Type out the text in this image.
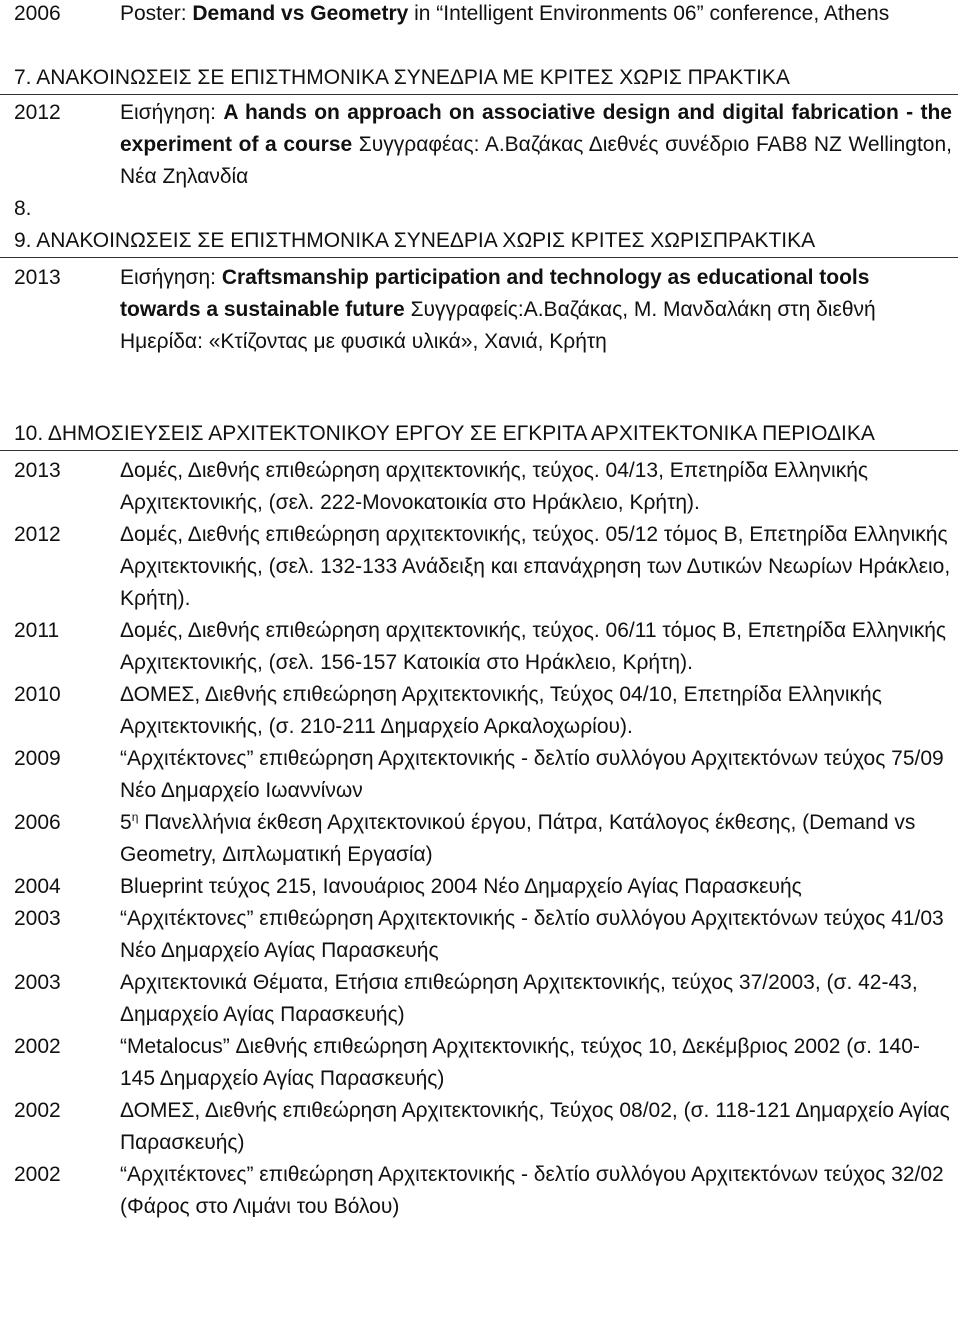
2006	Poster: Demand vs Geometry in “Intelligent Environments 06” conference, Athens
7. ΑΝΑΚΟΙΝΩΣΕΙΣ ΣΕ ΕΠΙΣΤΗΜΟΝΙΚΑ ΣΥΝΕΔΡΙΑ ΜΕ ΚΡΙΤΕΣ ΧΩΡΙΣ ΠΡΑΚΤΙΚΑ
2012	Εισήγηση: A hands on approach on associative design and digital fabrication - the experiment of a course Συγγραφέας: Α.Βαζάκας Διεθνές συνέδριο FAB8 NZ Wellington, Νέα Ζηλανδία
8.
9. ΑΝΑΚΟΙΝΩΣΕΙΣ ΣΕ ΕΠΙΣΤΗΜΟΝΙΚΑ ΣΥΝΕΔΡΙΑ ΧΩΡΙΣ ΚΡΙΤΕΣ ΧΩΡΙΣΠΡΑΚΤΙΚΑ
2013	Εισήγηση: Craftsmanship participation and technology as educational tools towards a sustainable future Συγγραφείς:Α.Βαζάκας, Μ. Μανδαλάκη στη διεθνή Ημερίδα: «Κτίζοντας με φυσικά υλικά», Χανιά, Κρήτη
10. ΔΗΜΟΣΙΕΥΣΕΙΣ ΑΡΧΙΤΕΚΤΟΝΙΚΟΥ ΕΡΓΟΥ ΣΕ ΕΓΚΡΙΤΑ ΑΡΧΙΤΕΚΤΟΝΙΚΑ ΠΕΡΙΟΔΙΚΑ
2013	Δομές, Διεθνής επιθεώρηση αρχιτεκτονικής, τεύχος. 04/13, Επετηρίδα Ελληνικής Αρχιτεκτονικής, (σελ. 222-Μονοκατοικία στο Ηράκλειο, Κρήτη).
2012	Δομές, Διεθνής επιθεώρηση αρχιτεκτονικής, τεύχος. 05/12 τόμος Β, Επετηρίδα Ελληνικής Αρχιτεκτονικής, (σελ. 132-133 Ανάδειξη και επανάχρηση των Δυτικών Νεωρίων Ηράκλειο, Κρήτη).
2011	Δομές, Διεθνής επιθεώρηση αρχιτεκτονικής, τεύχος. 06/11 τόμος Β, Επετηρίδα Ελληνικής Αρχιτεκτονικής, (σελ. 156-157 Κατοικία στο Ηράκλειο, Κρήτη).
2010	ΔΟΜΕΣ, Διεθνής επιθεώρηση Αρχιτεκτονικής, Τεύχος 04/10, Επετηρίδα Ελληνικής Αρχιτεκτονικής, (σ. 210-211 Δημαρχείο Αρκαλοχωρίου).
2009	“Αρχιτέκτονες” επιθεώρηση Αρχιτεκτονικής - δελτίο συλλόγου Αρχιτεκτόνων τεύχος 75/09 Νέο Δημαρχείο Ιωαννίνων
2006	$5^\eta$ Πανελλήνια έκθεση Αρχιτεκτονικού έργου, Πάτρα, Κατάλογος έκθεσης, (Demand vs Geometry, Διπλωματική Εργασία)
2004	Blueprint τεύχος 215, Ιανουάριος 2004 Νέο Δημαρχείο Αγίας Παρασκευής
2003	“Αρχιτέκτονες” επιθεώρηση Αρχιτεκτονικής - δελτίο συλλόγου Αρχιτεκτόνων τεύχος 41/03 Νέο Δημαρχείο Αγίας Παρασκευής
2003	Αρχιτεκτονικά Θέματα, Ετήσια επιθεώρηση Αρχιτεκτονικής, τεύχος 37/2003, (σ. 42-43, Δημαρχείο Αγίας Παρασκευής)
2002	“Metalocus” Διεθνής επιθεώρηση Αρχιτεκτονικής, τεύχος 10, Δεκέμβριος 2002 (σ. 140-145 Δημαρχείο Αγίας Παρασκευής)
2002	ΔΟΜΕΣ, Διεθνής επιθεώρηση Αρχιτεκτονικής, Τεύχος 08/02, (σ. 118-121 Δημαρχείο Αγίας Παρασκευής)
2002	“Αρχιτέκτονες” επιθεώρηση Αρχιτεκτονικής - δελτίο συλλόγου Αρχιτεκτόνων τεύχος 32/02 (Φάρος στο Λιμάνι του Βόλου)
